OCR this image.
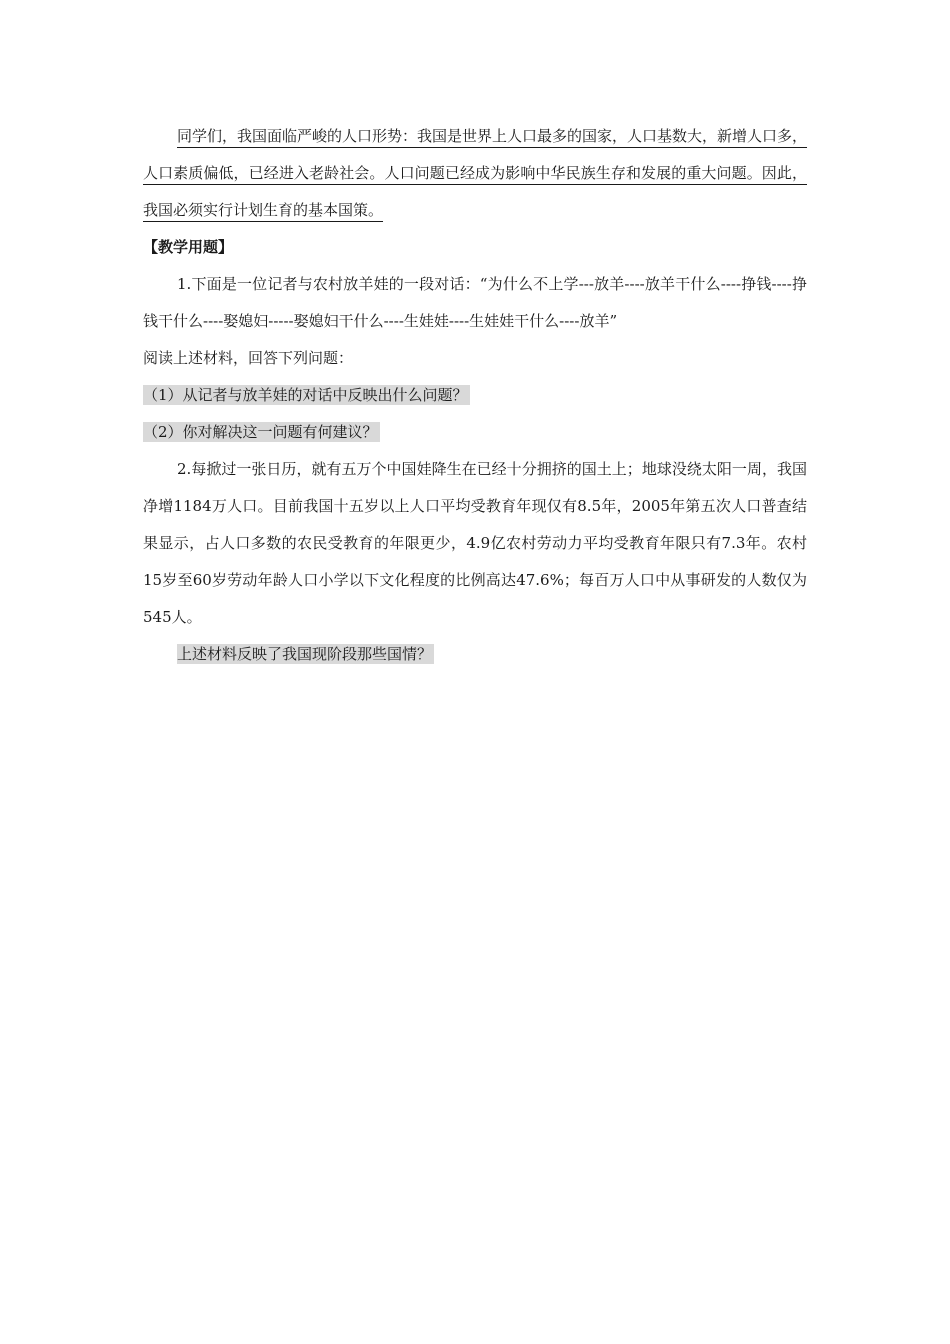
同学们，我国面临严峻的人口形势：我国是世界上人口最多的国家，人口基数大，新增人口多，人口素质偏低，已经进入老龄社会。人口问题已经成为影响中华民族生存和发展的重大问题。因此，我国必须实行计划生育的基本国策。

【教学用题】

1.下面是一位记者与农村放羊娃的一段对话：“为什么不上学---放羊----放羊干什么----挣钱----挣钱干什么----娶媳妇-----娶媳妇干什么----生娃娃----生娃娃干什么----放羊”

阅读上述材料，回答下列问题：

（1）从记者与放羊娃的对话中反映出什么问题？

（2）你对解决这一问题有何建议？

2.每掀过一张日历，就有五万个中国娃降生在已经十分拥挤的国土上；地球没绕太阳一周，我国净增1184万人口。目前我国十五岁以上人口平均受教育年现仅有8.5年，2005年第五次人口普查结果显示，占人口多数的农民受教育的年限更少，4.9亿农村劳动力平均受教育年限只有7.3年。农村15岁至60岁劳动年龄人口小学以下文化程度的比例高达47.6%；每百万人口中从事研发的人数仅为545人。

上述材料反映了我国现阶段那些国情？
